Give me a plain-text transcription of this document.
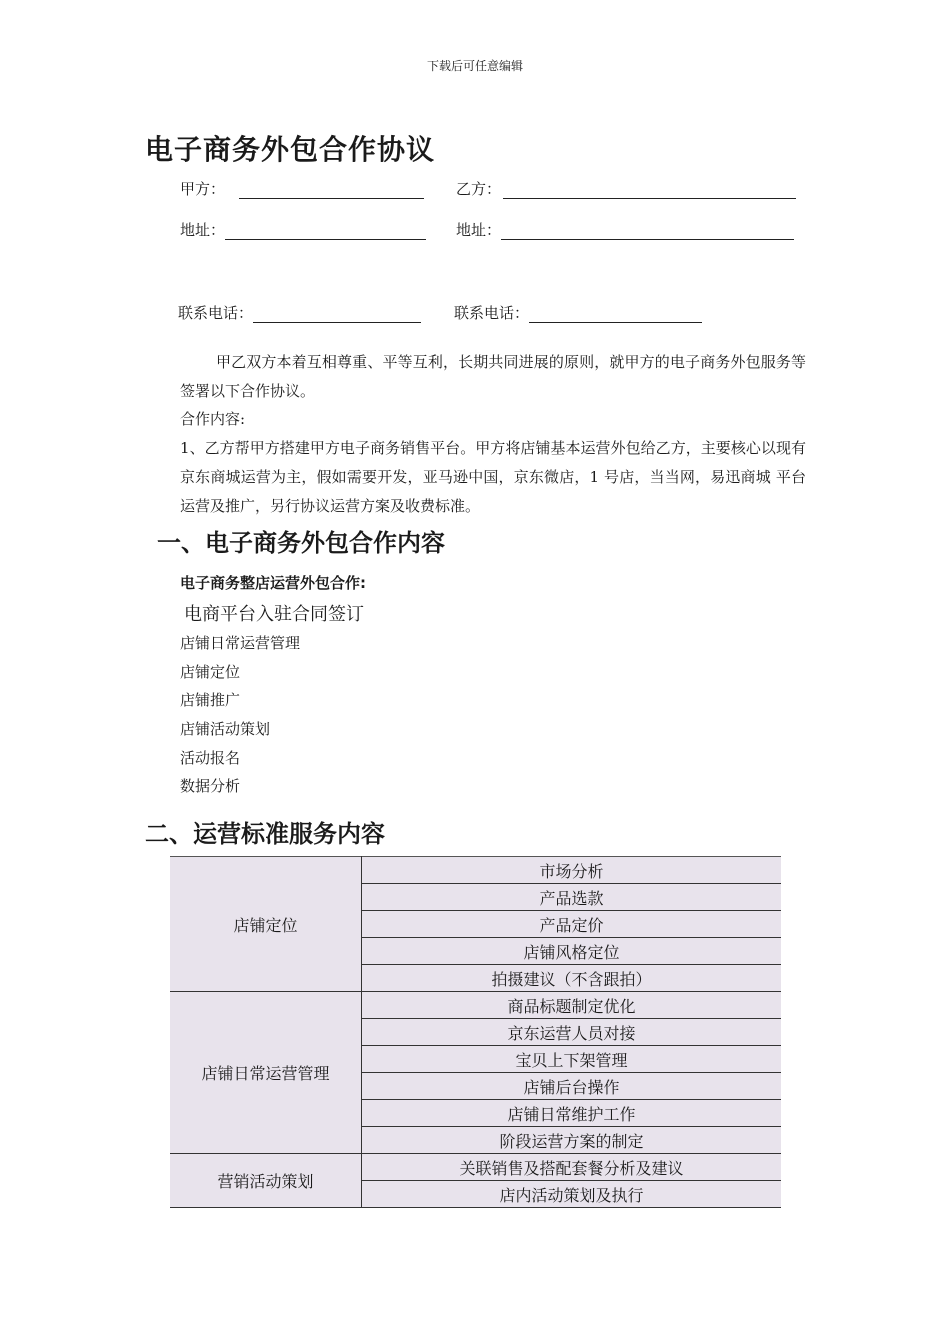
下载后可任意编辑
电子商务外包合作协议
甲方：	乙方：
地址：	地址：
联系电话：	联系电话：
甲乙双方本着互相尊重、平等互利，长期共同进展的原则，就甲方的电子商务外包服务等签署以下合作协议。
合作内容:
1、乙方帮甲方搭建甲方电子商务销售平台。甲方将店铺基本运营外包给乙方，主要核心以现有京东商城运营为主，假如需要开发，亚马逊中国，京东微店，1 号店，当当网，易迅商城 平台运营及推广，另行协议运营方案及收费标准。
一、电子商务外包合作内容
电子商务整店运营外包合作:
电商平台入驻合同签订
店铺日常运营管理
店铺定位
店铺推广
店铺活动策划
活动报名
数据分析
二、运营标准服务内容
店铺定位	市场分析
	产品选款
	产品定价
	店铺风格定位
	拍摄建议（不含跟拍）
店铺日常运营管理	商品标题制定优化
	京东运营人员对接
	宝贝上下架管理
	店铺后台操作
	店铺日常维护工作
	阶段运营方案的制定
营销活动策划	关联销售及搭配套餐分析及建议
	店内活动策划及执行
